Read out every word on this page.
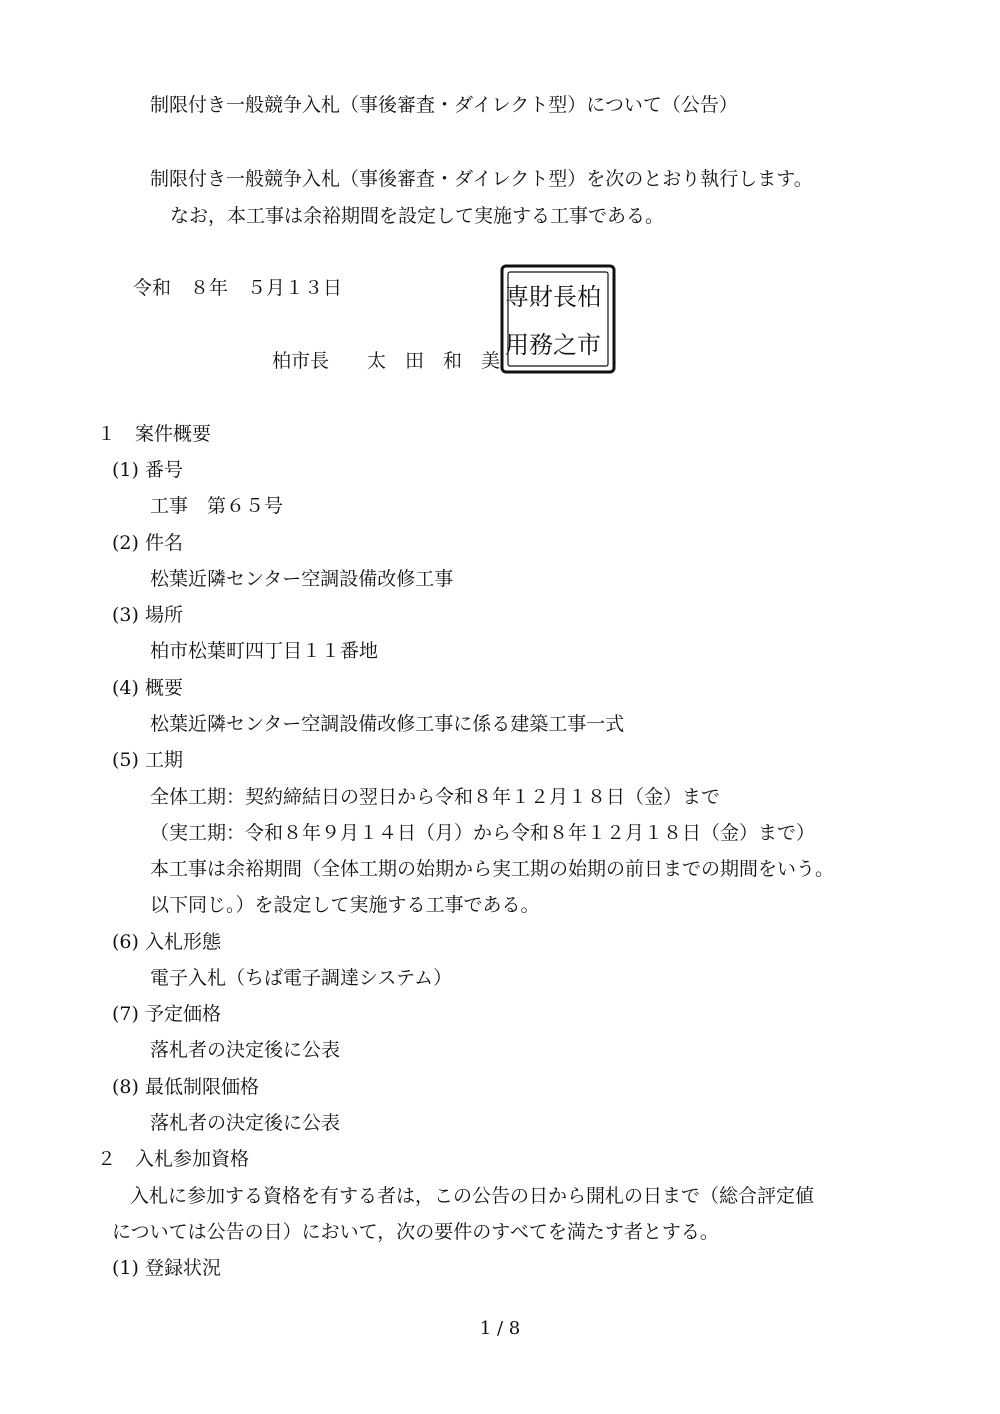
制限付き一般競争入札（事後審査・ダイレクト型）について（公告）
制限付き一般競争入札（事後審査・ダイレクト型）を次のとおり執行します。
なお，本工事は余裕期間を設定して実施する工事である。
令和　８年　５月１３日
柏市長　　太　田　和　美
柏
市
長
之
財
務
専
用
１　案件概要
(1) 番号
工事　第６５号
(2) 件名
松葉近隣センター空調設備改修工事
(3) 場所
柏市松葉町四丁目１１番地
(4) 概要
松葉近隣センター空調設備改修工事に係る建築工事一式
(5) 工期
全体工期：契約締結日の翌日から令和８年１２月１８日（金）まで
（実工期：令和８年９月１４日（月）から令和８年１２月１８日（金）まで）
本工事は余裕期間（全体工期の始期から実工期の始期の前日までの期間をいう。
以下同じ。）を設定して実施する工事である。
(6) 入札形態
電子入札（ちば電子調達システム）
(7) 予定価格
落札者の決定後に公表
(8) 最低制限価格
落札者の決定後に公表
２　入札参加資格
入札に参加する資格を有する者は，この公告の日から開札の日まで（総合評定値
については公告の日）において，次の要件のすべてを満たす者とする。
(1) 登録状況
1 / 8
